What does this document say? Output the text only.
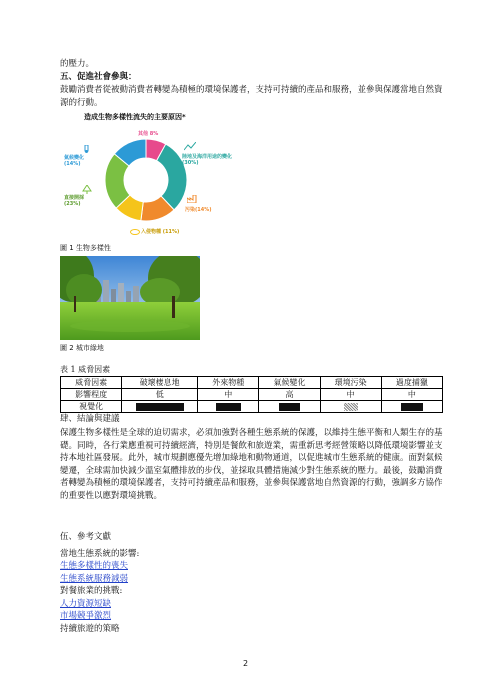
的壓力。
五、促進社會參與：
鼓勵消費者從被動消費者轉變為積極的環境保護者，支持可持續的產品和服務，並參與保護當地自然資源的行動。
造成生物多樣性流失的主要原因*
其他 8%
陸地及海洋用途的變化 (30%)
污染(14%)
入侵物種 (11%)
直接開採 (23%)
氣候變化 (14%)
圖 1 生物多樣性
圖 2 城市綠地
表 1 威脅因素
威脅因素	破壞棲息地	外來物種	氣候變化	環境污染	過度捕獵
影響程度	低	中	高	中	中
視覺化					
肆、結論與建議
保護生物多樣性是全球的迫切需求，必須加強對各種生態系統的保護，以維持生態平衡和人類生存的基礎。同時，各行業應重視可持續經濟，特別是餐飲和旅遊業，需重新思考經營策略以降低環境影響並支持本地社區發展。此外，城市規劃應優先增加綠地和動物通道，以促進城市生態系統的健康。面對氣候變遷，全球需加快減少溫室氣體排放的步伐，並採取具體措施減少對生態系統的壓力。最後，鼓勵消費者轉變為積極的環境保護者，支持可持續產品和服務，並參與保護當地自然資源的行動，強調多方協作的重要性以應對環境挑戰。
伍、參考文獻
當地生態系統的影響:
生態多樣性的喪失
生態系統服務減弱
對餐旅業的挑戰:
人力資源短缺
市場競爭激烈
持續旅遊的策略
2
